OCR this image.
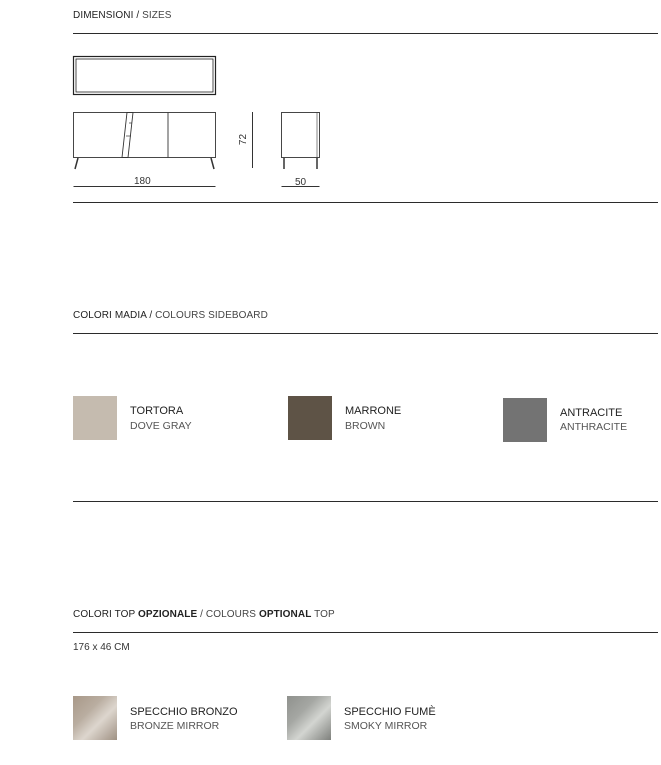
DIMENSIONI / SIZES
180
72
50
COLORI MADIA / COLOURS SIDEBOARD
TORTORA
DOVE GRAY
MARRONE
BROWN
ANTRACITE
ANTHRACITE
COLORI TOP OPZIONALE / COLOURS OPTIONAL TOP
176 x 46 CM
SPECCHIO BRONZO
BRONZE MIRROR
SPECCHIO FUMÈ
SMOKY MIRROR
